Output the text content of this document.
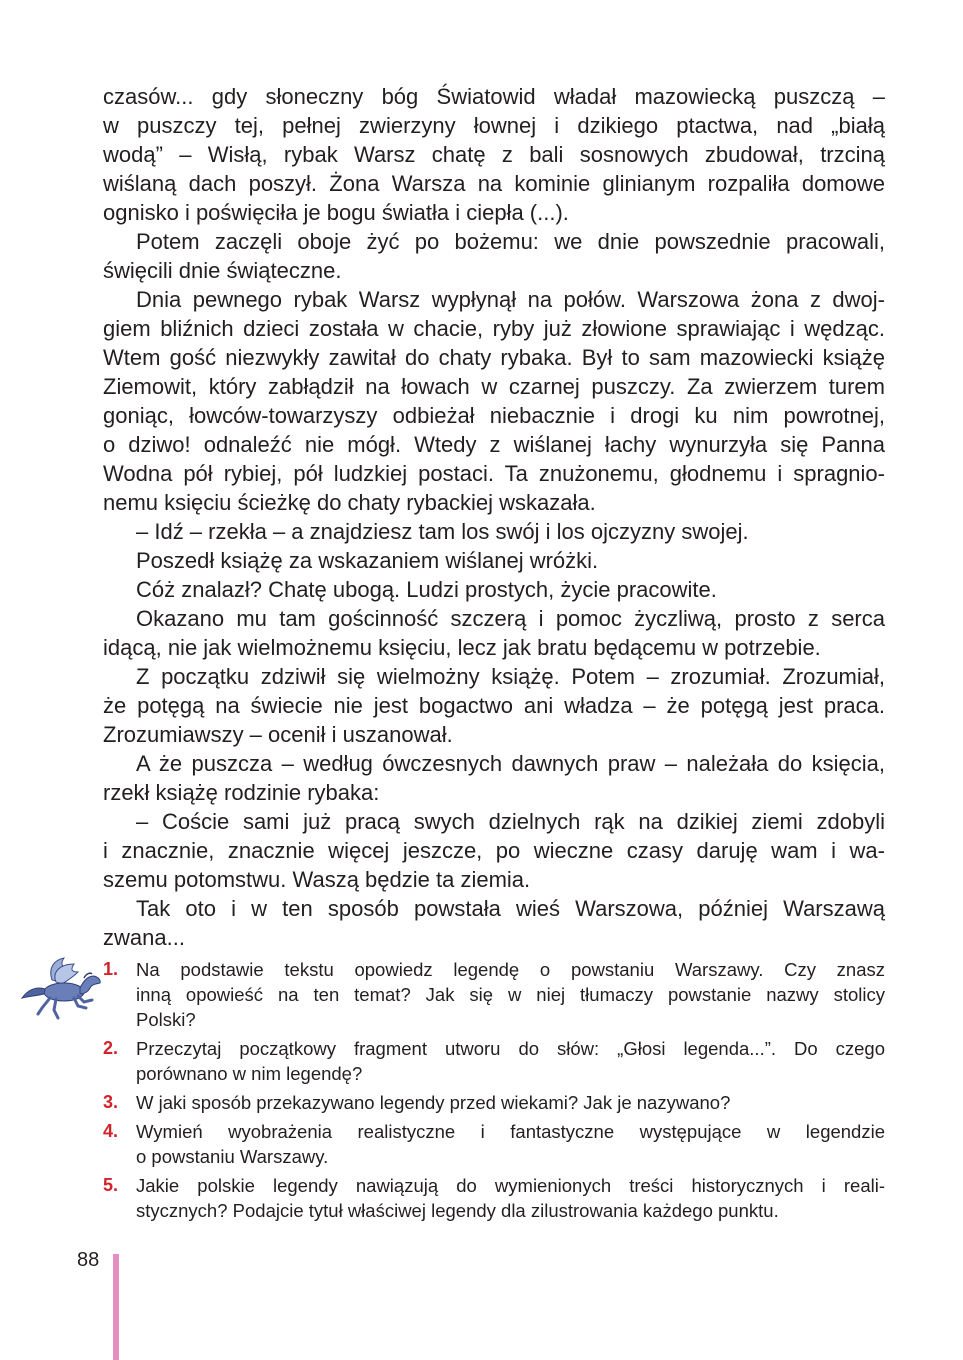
czasów... gdy słoneczny bóg Światowid władał mazowiecką puszczą –
w puszczy tej, pełnej zwierzyny łownej i dzikiego ptactwa, nad „białą
wodą” – Wisłą, rybak Warsz chatę z bali sosnowych zbudował, trzciną
wiślaną dach poszył. Żona Warsza na kominie glinianym rozpaliła domowe
ognisko i poświęciła je bogu światła i ciepła (...).
Potem zaczęli oboje żyć po bożemu: we dnie powszednie pracowali,
święcili dnie świąteczne.
Dnia pewnego rybak Warsz wypłynął na połów. Warszowa żona z dwoj-
giem bliźnich dzieci została w chacie, ryby już złowione sprawiając i wędząc.
Wtem gość niezwykły zawitał do chaty rybaka. Był to sam mazowiecki książę
Ziemowit, który zabłądził na łowach w czarnej puszczy. Za zwierzem turem
goniąc, łowców-towarzyszy odbieżał niebacznie i drogi ku nim powrotnej,
o dziwo! odnaleźć nie mógł. Wtedy z wiślanej łachy wynurzyła się Panna
Wodna pół rybiej, pół ludzkiej postaci. Ta znużonemu, głodnemu i spragnio-
nemu księciu ścieżkę do chaty rybackiej wskazała.
– Idź – rzekła – a znajdziesz tam los swój i los ojczyzny swojej.
Poszedł książę za wskazaniem wiślanej wróżki.
Cóż znalazł? Chatę ubogą. Ludzi prostych, życie pracowite.
Okazano mu tam gościnność szczerą i pomoc życzliwą, prosto z serca
idącą, nie jak wielmożnemu księciu, lecz jak bratu będącemu w potrzebie.
Z początku zdziwił się wielmożny książę. Potem – zrozumiał. Zrozumiał,
że potęgą na świecie nie jest bogactwo ani władza – że potęgą jest praca.
Zrozumiawszy – ocenił i uszanował.
A że puszcza – według ówczesnych dawnych praw – należała do księcia,
rzekł książę rodzinie rybaka:
– Coście sami już pracą swych dzielnych rąk na dzikiej ziemi zdobyli
i znacznie, znacznie więcej jeszcze, po wieczne czasy daruję wam i wa-
szemu potomstwu. Waszą będzie ta ziemia.
Tak oto i w ten sposób powstała wieś Warszowa, później Warszawą
zwana...
1. Na podstawie tekstu opowiedz legendę o powstaniu Warszawy. Czy znasz
inną opowieść na ten temat? Jak się w niej tłumaczy powstanie nazwy stolicy
Polski?
2. Przeczytaj początkowy fragment utworu do słów: „Głosi legenda...”. Do czego
porównano w nim legendę?
3. W jaki sposób przekazywano legendy przed wiekami? Jak je nazywano?
4. Wymień wyobrażenia realistyczne i fantastyczne występujące w legendzie
o powstaniu Warszawy.
5. Jakie polskie legendy nawiązują do wymienionych treści historycznych i reali-
stycznych? Podajcie tytuł właściwej legendy dla zilustrowania każdego punktu.
88
